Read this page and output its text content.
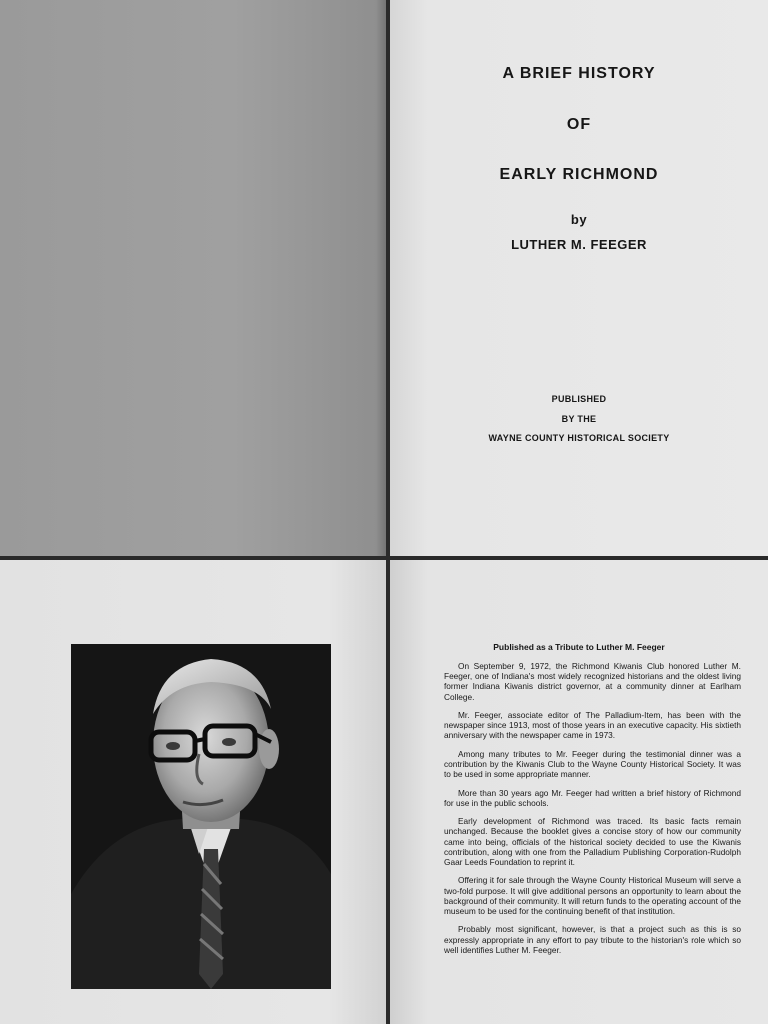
A BRIEF HISTORY
OF
EARLY RICHMOND
by
LUTHER M. FEEGER
PUBLISHED
BY THE
WAYNE COUNTY HISTORICAL SOCIETY
Published as a Tribute to Luther M. Feeger

On September 9, 1972, the Richmond Kiwanis Club honored Luther M. Feeger, one of Indiana's most widely recognized historians and the oldest living former Indiana Kiwanis district governor, at a community dinner at Earlham College.

Mr. Feeger, associate editor of The Palladium-Item, has been with the newspaper since 1913, most of those years in an executive capacity. His sixtieth anniversary with the newspaper came in 1973.

Among many tributes to Mr. Feeger during the testimonial dinner was a contribution by the Kiwanis Club to the Wayne County Historical Society. It was to be used in some appropriate manner.

More than 30 years ago Mr. Feeger had written a brief history of Richmond for use in the public schools.

Early development of Richmond was traced. Its basic facts remain unchanged. Because the booklet gives a concise story of how our community came into being, officials of the historical society decided to use the Kiwanis contribution, along with one from the Palladium Publishing Corporation-Rudolph Gaar Leeds Foundation to reprint it.

Offering it for sale through the Wayne County Historical Museum will serve a two-fold purpose. It will give additional persons an opportunity to learn about the background of their community. It will return funds to the operating account of the museum to be used for the continuing benefit of that institution.

Probably most significant, however, is that a project such as this is so expressly appropriate in any effort to pay tribute to the historian's role which so well identifies Luther M. Feeger.
